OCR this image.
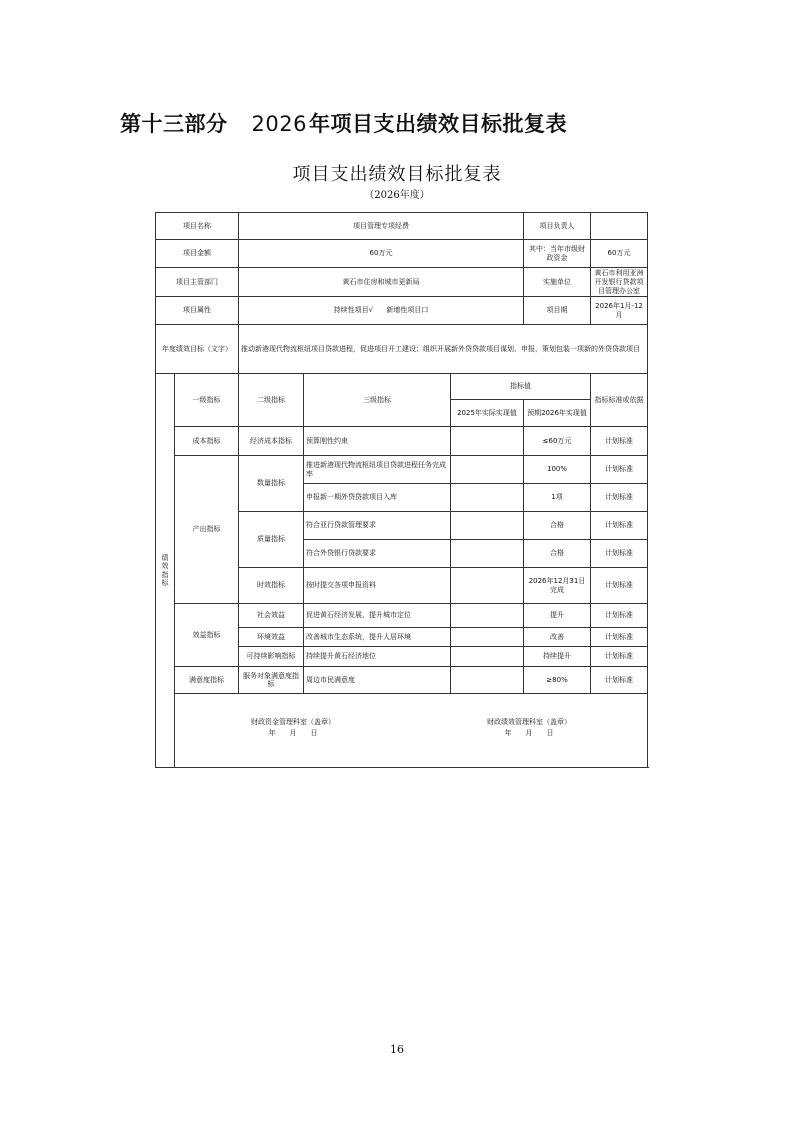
第十三部分 2026年项目支出绩效目标批复表
项目支出绩效目标批复表
（2026年度）
项目名称		项目管理专项经费			项目负责人	
项目金额		60万元			其中：当年市级财政资金	60万元
项目主管部门		黄石市住房和城市更新局			实施单位	黄石市利用亚洲开发银行贷款项目管理办公室
项目属性		持续性项目√ 新增性项目口			项目期	2026年1月-12月
年度绩效目标（文字）		推动新港现代物流枢纽项目贷款进程，促进项目开工建设；组织开展新外贷贷款项目谋划、申报，策划包装一项新的外贷贷款项目				
绩效指标	一级指标	二级指标	三级指标	指标值		指标标准或依据
				2025年实际实现值	预期2026年实现值	
	成本指标	经济成本指标	预算刚性约束		≤60万元	计划标准
	产出指标	数量指标	推进新港现代物流枢纽项目贷款进程任务完成率		100%	计划标准
			申报新一期外贷贷款项目入库		1项	计划标准
		质量指标	符合亚行贷款管理要求		合格	计划标准
			符合外贷银行贷款要求		合格	计划标准
		时效指标	按时提交各项申报资料		2026年12月31日完成	计划标准
	效益指标	社会效益	促进黄石经济发展，提升城市定位		提升	计划标准
		环境效益	改善城市生态系统，提升人居环境		改善	计划标准
		可持续影响指标	持续提升黄石经济地位		持续提升	计划标准
	满意度指标	服务对象满意度指标	周边市民满意度		≥80%	计划标准

	财政资金管理科室（盖章）
年　　月　　日
财政绩效管理科室（盖章）
年　　月　　日					
16
